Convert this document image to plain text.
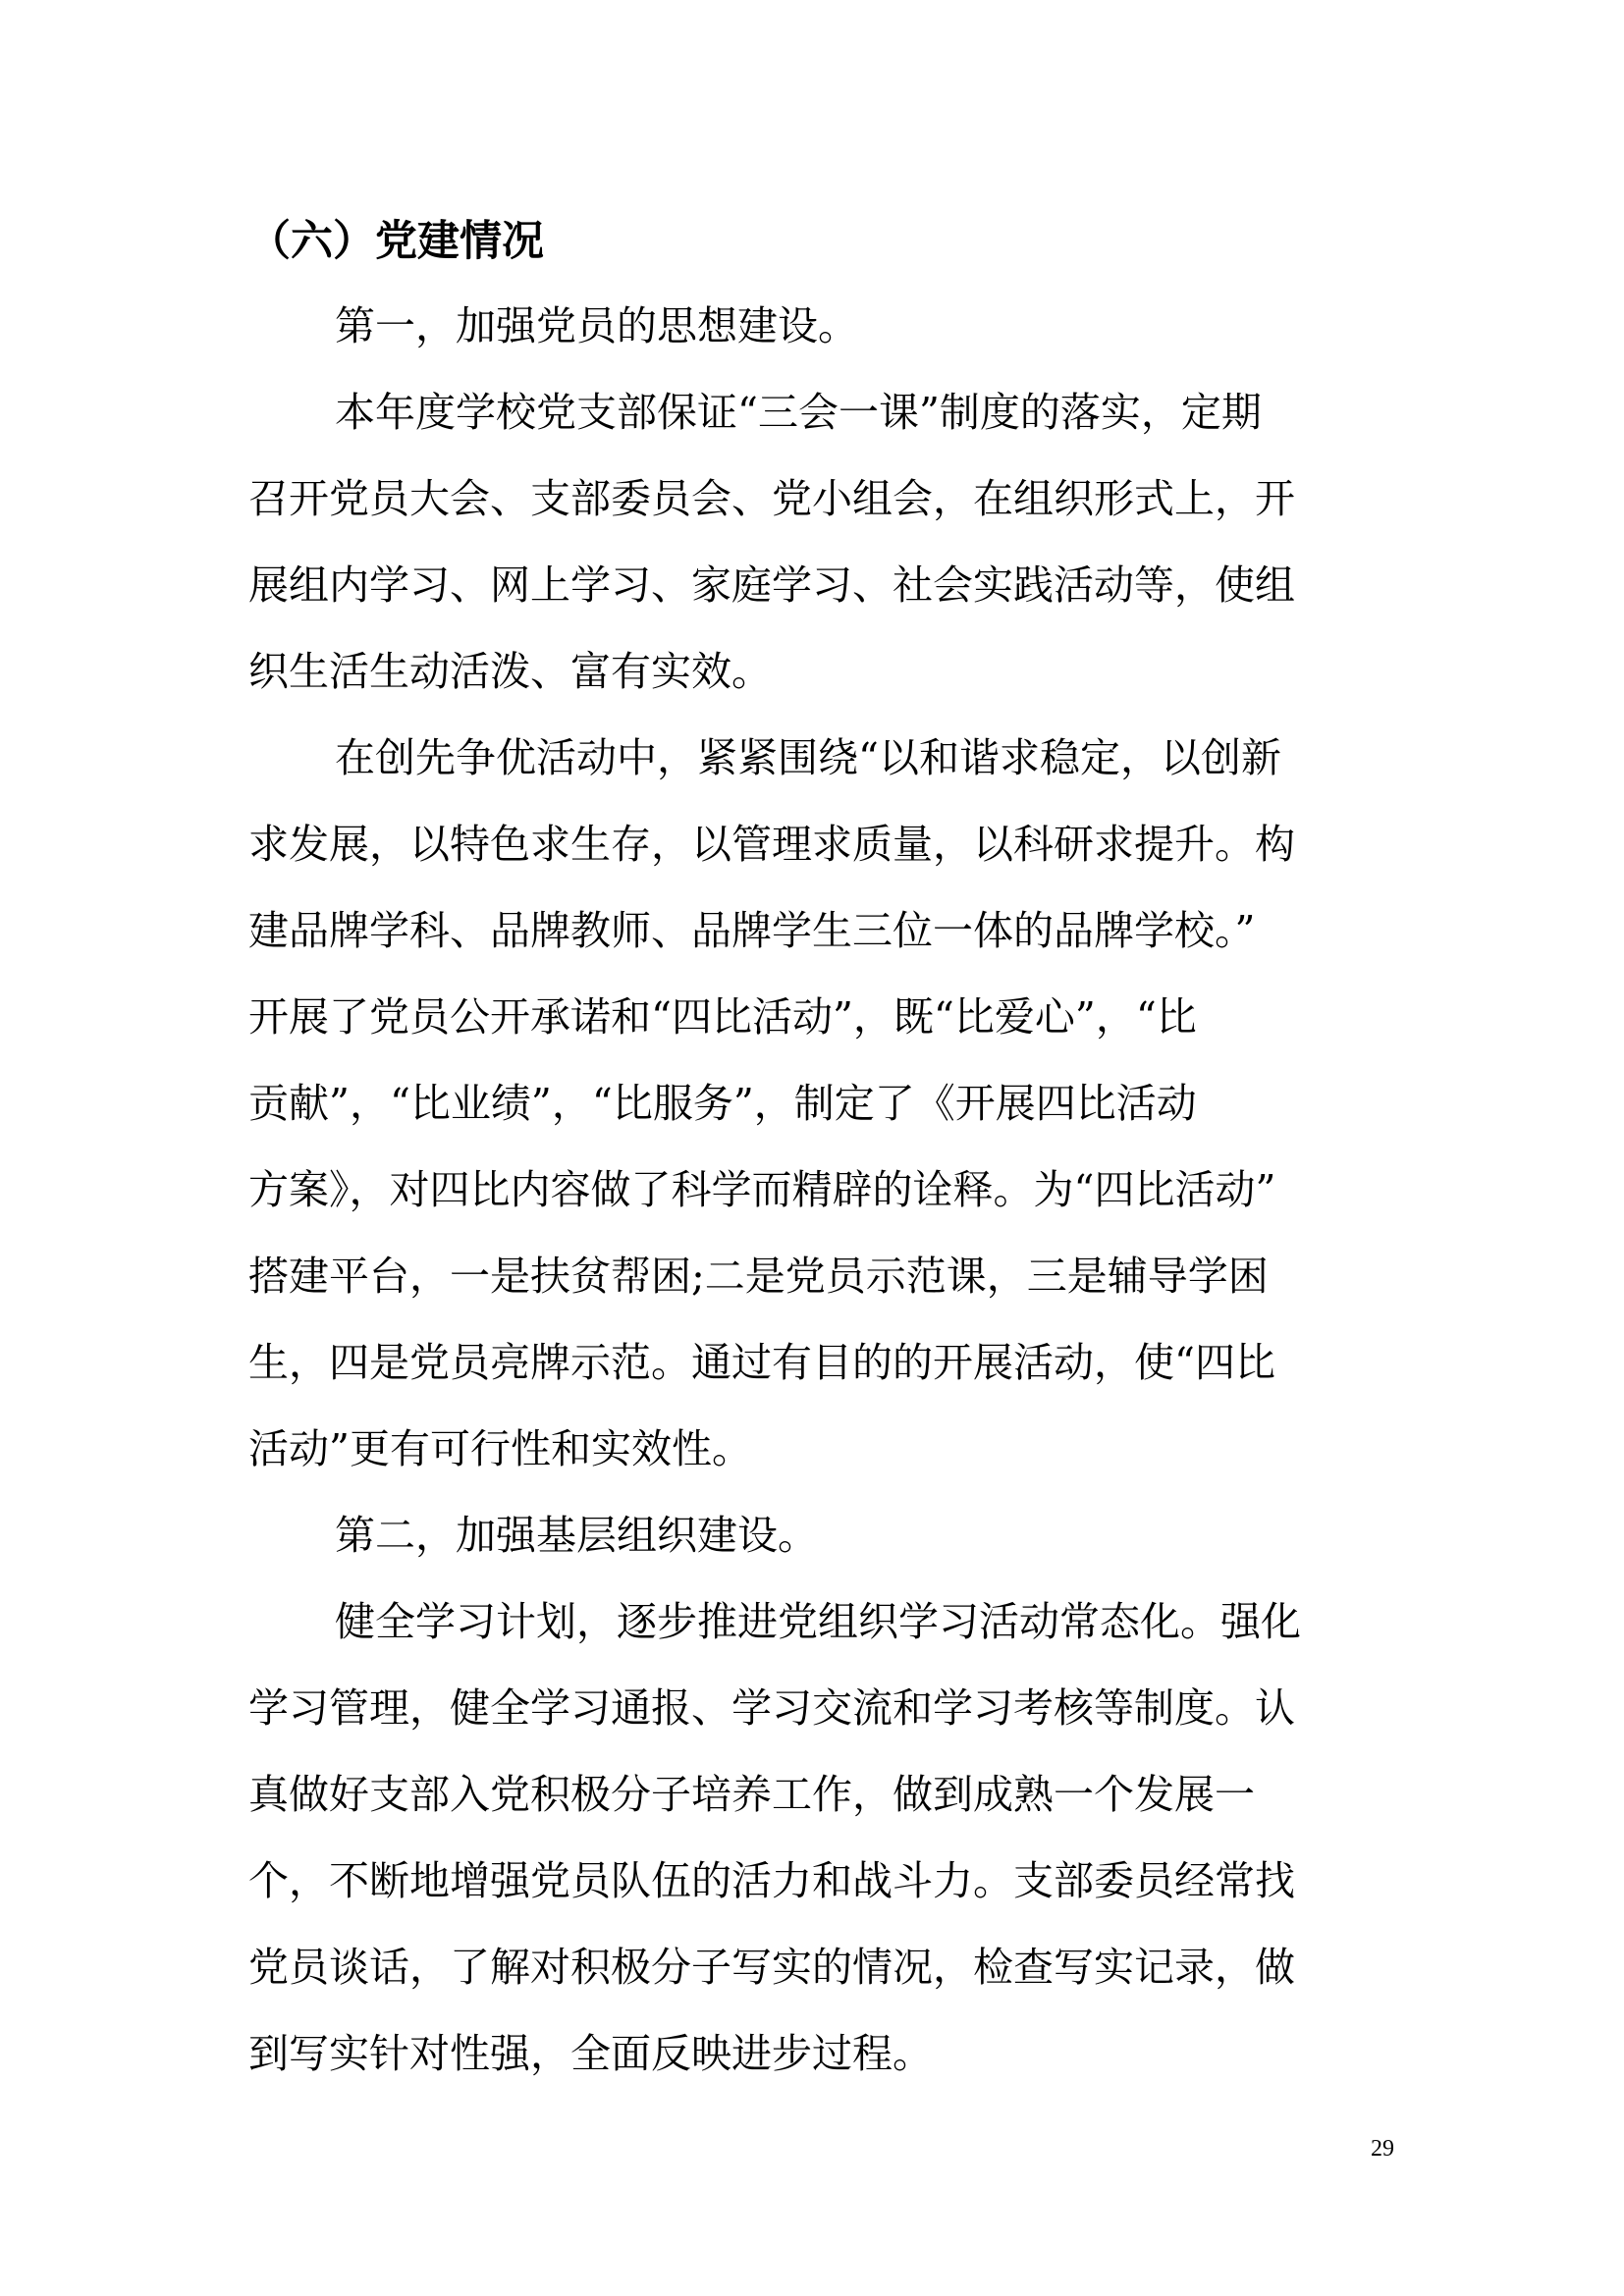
（六）党建情况
第一，加强党员的思想建设。
本年度学校党支部保证“三会一课”制度的落实，定期
召开党员大会、支部委员会、党小组会，在组织形式上，开
展组内学习、网上学习、家庭学习、社会实践活动等，使组
织生活生动活泼、富有实效。
在创先争优活动中，紧紧围绕“以和谐求稳定，以创新
求发展，以特色求生存，以管理求质量，以科研求提升。构
建品牌学科、品牌教师、品牌学生三位一体的品牌学校。”
开展了党员公开承诺和“四比活动”，既“比爱心”，“比
贡献”，“比业绩”，“比服务”，制定了《开展四比活动
方案》，对四比内容做了科学而精辟的诠释。为“四比活动”
搭建平台，一是扶贫帮困;二是党员示范课，三是辅导学困
生，四是党员亮牌示范。通过有目的的开展活动，使“四比
活动”更有可行性和实效性。
第二，加强基层组织建设。
健全学习计划，逐步推进党组织学习活动常态化。强化
学习管理，健全学习通报、学习交流和学习考核等制度。认
真做好支部入党积极分子培养工作，做到成熟一个发展一
个，不断地增强党员队伍的活力和战斗力。支部委员经常找
党员谈话，了解对积极分子写实的情况，检查写实记录，做
到写实针对性强，全面反映进步过程。
29
